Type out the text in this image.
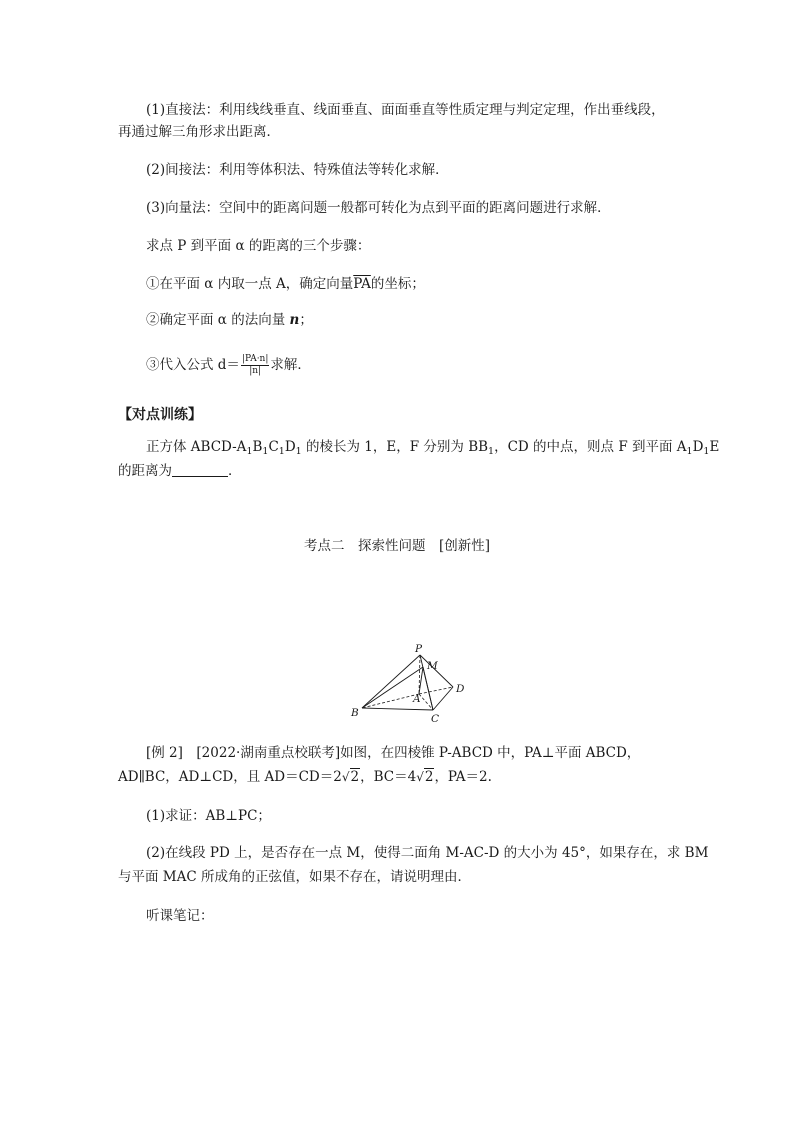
(1)直接法：利用线线垂直、线面垂直、面面垂直等性质定理与判定定理，作出垂线段，
再通过解三角形求出距离．
(2)间接法：利用等体积法、特殊值法等转化求解．
(3)向量法：空间中的距离问题一般都可转化为点到平面的距离问题进行求解．
求点 P 到平面 α 的距离的三个步骤：
①在平面 α 内取一点 A，确定向量$\overline{PA}$的坐标；
②确定平面 α 的法向量 n；
③代入公式 $d= \frac{|PA\cdot n|}{|n|}$ 求解．
【对点训练】
正方体 ABCD-$A_1B_1C_1D_1$ 的棱长为 1，E，F 分别为 $BB_1$，CD 的中点，则点 F 到平面 $A_1D_1E$
的距离为	．
考点二　探索性问题　[创新性]
P
M
D
A
B	C
[例 2]　[2022·湖南重点校联考]如图，在四棱锥 P-ABCD 中，PA⊥平面 ABCD，
AD∥BC，AD⊥CD，且 AD＝CD＝2√2，BC＝4√2，PA＝2.
(1)求证：AB⊥PC；
(2)在线段 PD 上，是否存在一点 M，使得二面角 M-AC-D 的大小为 45°，如果存在，求 BM
与平面 MAC 所成角的正弦值，如果不存在，请说明理由．
听课笔记：
